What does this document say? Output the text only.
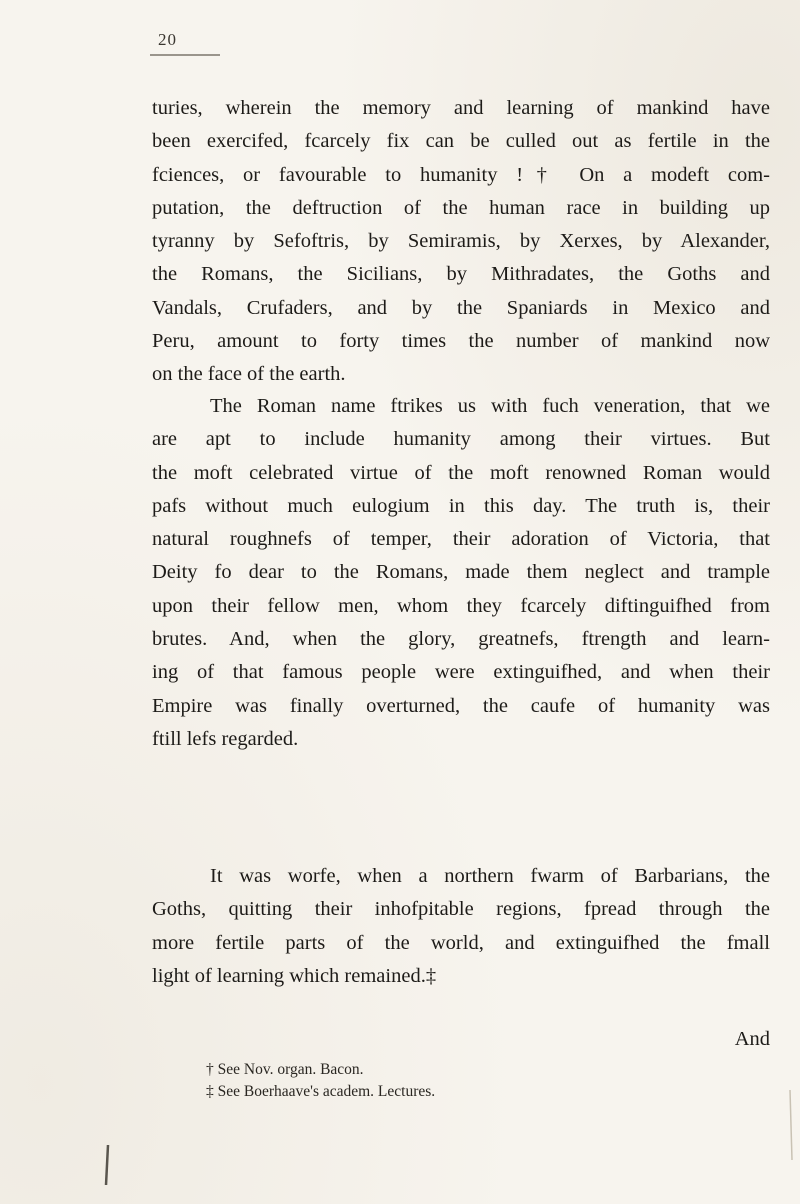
20
turies, wherein the memory and learning of mankind have
been exercifed, fcarcely fix can be culled out as fertile in the
fciences, or favourable to humanity !† On a modeft com-
putation, the deftruction of the human race in building up
tyranny by Sefoftris, by Semiramis, by Xerxes, by Alexander,
the Romans, the Sicilians, by Mithradates, the Goths and
Vandals, Crufaders, and by the Spaniards in Mexico and
Peru, amount to forty times the number of mankind now
on the face of the earth.
The Roman name ftrikes us with fuch veneration, that we
are apt to include humanity among their virtues. But
the moft celebrated virtue of the moft renowned Roman would
pafs without much eulogium in this day. The truth is, their
natural roughnefs of temper, their adoration of Victoria, that
Deity fo dear to the Romans, made them neglect and trample
upon their fellow men, whom they fcarcely diftinguifhed from
brutes. And, when the glory, greatnefs, ftrength and learn-
ing of that famous people were extinguifhed, and when their
Empire was finally overturned, the caufe of humanity was
ftill lefs regarded.
It was worfe, when a northern fwarm of Barbarians, the
Goths, quitting their inhofpitable regions, fpread through the
more fertile parts of the world, and extinguifhed the fmall
light of learning which remained.‡
And
† See Nov. organ. Bacon.
‡ See Boerhaave's academ. Lectures.
